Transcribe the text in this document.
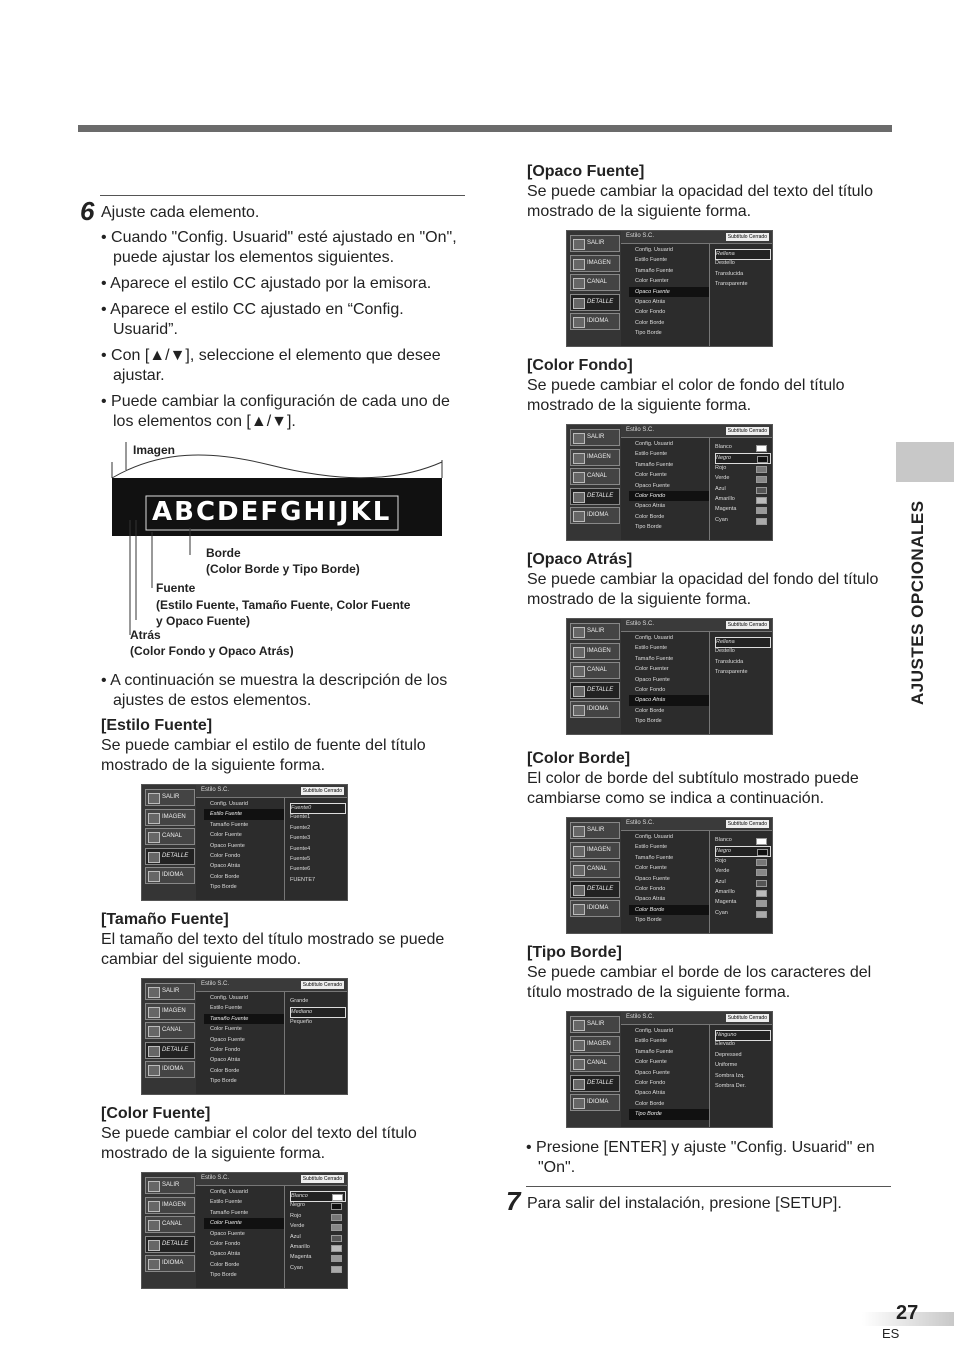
AJUSTES OPCIONALES
6 Ajuste cada elemento.
• Cuando "Config. Usuarid" esté ajustado en "On", puede ajustar los elementos siguientes.
• Aparece el estilo CC ajustado por la emisora.
• Aparece el estilo CC ajustado en “Config. Usuarid”.
• Con [▲/▼], seleccione el elemento que desee ajustar.
• Puede cambiar la configuración de cada uno de los elementos con [▲/▼].
ABCDEFGHIJKL
Imagen
Borde
(Color Borde y Tipo Borde)
Fuente
(Estilo Fuente, Tamaño Fuente, Color Fuente
y Opaco Fuente)
Atrás
(Color Fondo y Opaco Atrás)
• A continuación se muestra la descripción de los ajustes de estos elementos.
[Estilo Fuente]
Se puede cambiar el estilo de fuente del título mostrado de la siguiente forma.
SALIR
IMAGEN
CANAL
DETALLE
IDIOMA
Estilo S.C.	Subtítulo Cerrado
Config. Usuarid
Estilo Fuente
Tamaño Fuente
Color Fuente
Opaco Fuente
Color Fondo
Opaco Atrás
Color Borde
Tipo Borde
Fuente0
Fuente1
Fuente2
Fuente3
Fuente4
Fuente5
Fuente6
FUENTE7
[Tamaño Fuente]
El tamaño del texto del título mostrado se puede cambiar del siguiente modo.
SALIR
IMAGEN
CANAL
DETALLE
IDIOMA
Estilo S.C.	Subtítulo Cerrado
Config. Usuarid
Estilo Fuente
Tamaño Fuente
Color Fuente
Opaco Fuente
Color Fondo
Opaco Atrás
Color Borde
Tipo Borde
Grande
Mediano
Pequeño
[Color Fuente]
Se puede cambiar el color del texto del título mostrado de la siguiente forma.
SALIR
IMAGEN
CANAL
DETALLE
IDIOMA
Estilo S.C.	Subtítulo Cerrado
Config. Usuarid
Estilo Fuente
Tamaño Fuente
Color Fuente
Opaco Fuente
Color Fondo
Opaco Atrás
Color Borde
Tipo Borde
Blanco
Negro
Rojo
Verde
Azul
Amarillo
Magenta
Cyan
[Opaco Fuente]
Se puede cambiar la opacidad del texto del título mostrado de la siguiente forma.
SALIR
IMAGEN
CANAL
DETALLE
IDIOMA
Estilo S.C.	Subtítulo Cerrado
Config. Usuarid
Estilo Fuente
Tamaño Fuente
Color Fuenter
Opaco Fuente
Opaco Atrás
Color Fondo
Color Borde
Tipo Borde
Rellena
Destello
Translucida
Transparente
[Color Fondo]
Se puede cambiar el color de fondo del título mostrado de la siguiente forma.
SALIR
IMAGEN
CANAL
DETALLE
IDIOMA
Estilo S.C.	Subtítulo Cerrado
Config. Usuarid
Estilo Fuente
Tamaño Fuente
Color Fuente
Opaco Fuente
Color Fondo
Opaco Atrás
Color Borde
Tipo Borde
Blanco
Negro
Rojo
Verde
Azul
Amarillo
Magenta
Cyan
[Opaco Atrás]
Se puede cambiar la opacidad del fondo del título mostrado de la siguiente forma.
SALIR
IMAGEN
CANAL
DETALLE
IDIOMA
Estilo S.C.	Subtítulo Cerrado
Config. Usuarid
Estilo Fuente
Tamaño Fuente
Color Fuenter
Opaco Fuente
Color Fondo
Opaco Atrás
Color Borde
Tipo Borde
Rellena
Destello
Translucida
Transparente
[Color Borde]
El color de borde del subtítulo mostrado puede cambiarse como se indica a continuación.
SALIR
IMAGEN
CANAL
DETALLE
IDIOMA
Estilo S.C.	Subtítulo Cerrado
Config. Usuarid
Estilo Fuente
Tamaño Fuente
Color Fuente
Opaco Fuente
Color Fondo
Opaco Atrás
Color Borde
Tipo Borde
Blanco
Negro
Rojo
Verde
Azul
Amarillo
Magenta
Cyan
[Tipo Borde]
Se puede cambiar el borde de los caracteres del título mostrado de la siguiente forma.
SALIR
IMAGEN
CANAL
DETALLE
IDIOMA
Estilo S.C.	Subtítulo Cerrado
Config. Usuarid
Estilo Fuente
Tamaño Fuente
Color Fuente
Opaco Fuente
Color Fondo
Opaco Atrás
Color Borde
Tipo Borde
Ninguno
Elevado
Depressed
Uniforme
Sombra Izq.
Sombra Der.
• Presione [ENTER] y ajuste "Config. Usuarid" en "On".
7 Para salir del instalación, presione [SETUP].
27
ES
